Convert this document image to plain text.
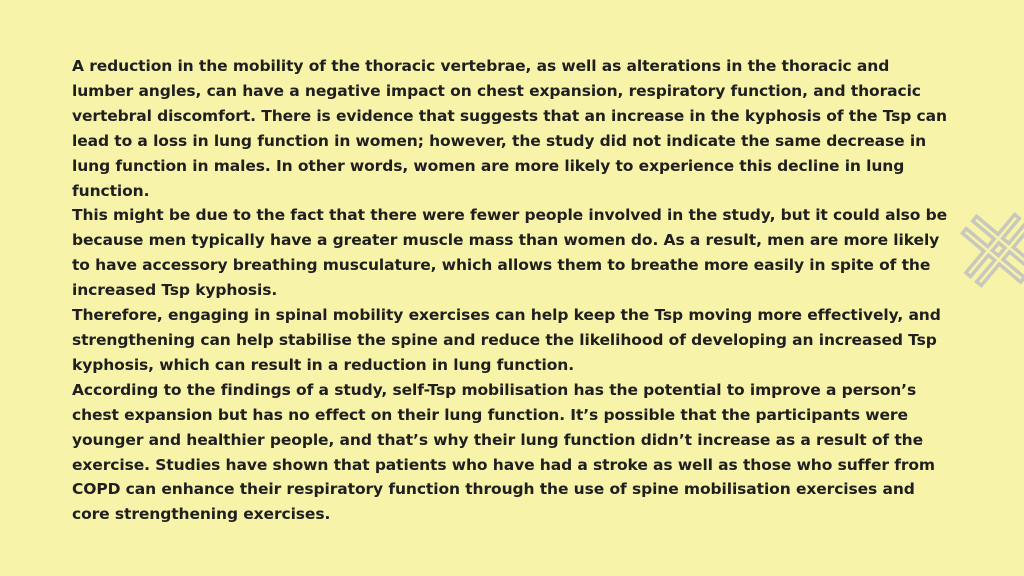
A reduction in the mobility of the thoracic vertebrae, as well as alterations in the thoracic and lumber angles, can have a negative impact on chest expansion, respiratory function, and thoracic vertebral discomfort. There is evidence that suggests that an increase in the kyphosis of the Tsp can lead to a loss in lung function in women; however, the study did not indicate the same decrease in lung function in males. In other words, women are more likely to experience this decline in lung function.

This might be due to the fact that there were fewer people involved in the study, but it could also be because men typically have a greater muscle mass than women do. As a result, men are more likely to have accessory breathing musculature, which allows them to breathe more easily in spite of the increased Tsp kyphosis.

Therefore, engaging in spinal mobility exercises can help keep the Tsp moving more effectively, and strengthening can help stabilise the spine and reduce the likelihood of developing an increased Tsp kyphosis, which can result in a reduction in lung function.

According to the findings of a study, self-Tsp mobilisation has the potential to improve a person’s chest expansion but has no effect on their lung function. It’s possible that the participants were younger and healthier people, and that’s why their lung function didn’t increase as a result of the exercise. Studies have shown that patients who have had a stroke as well as those who suffer from COPD can enhance their respiratory function through the use of spine mobilisation exercises and core strengthening exercises.
